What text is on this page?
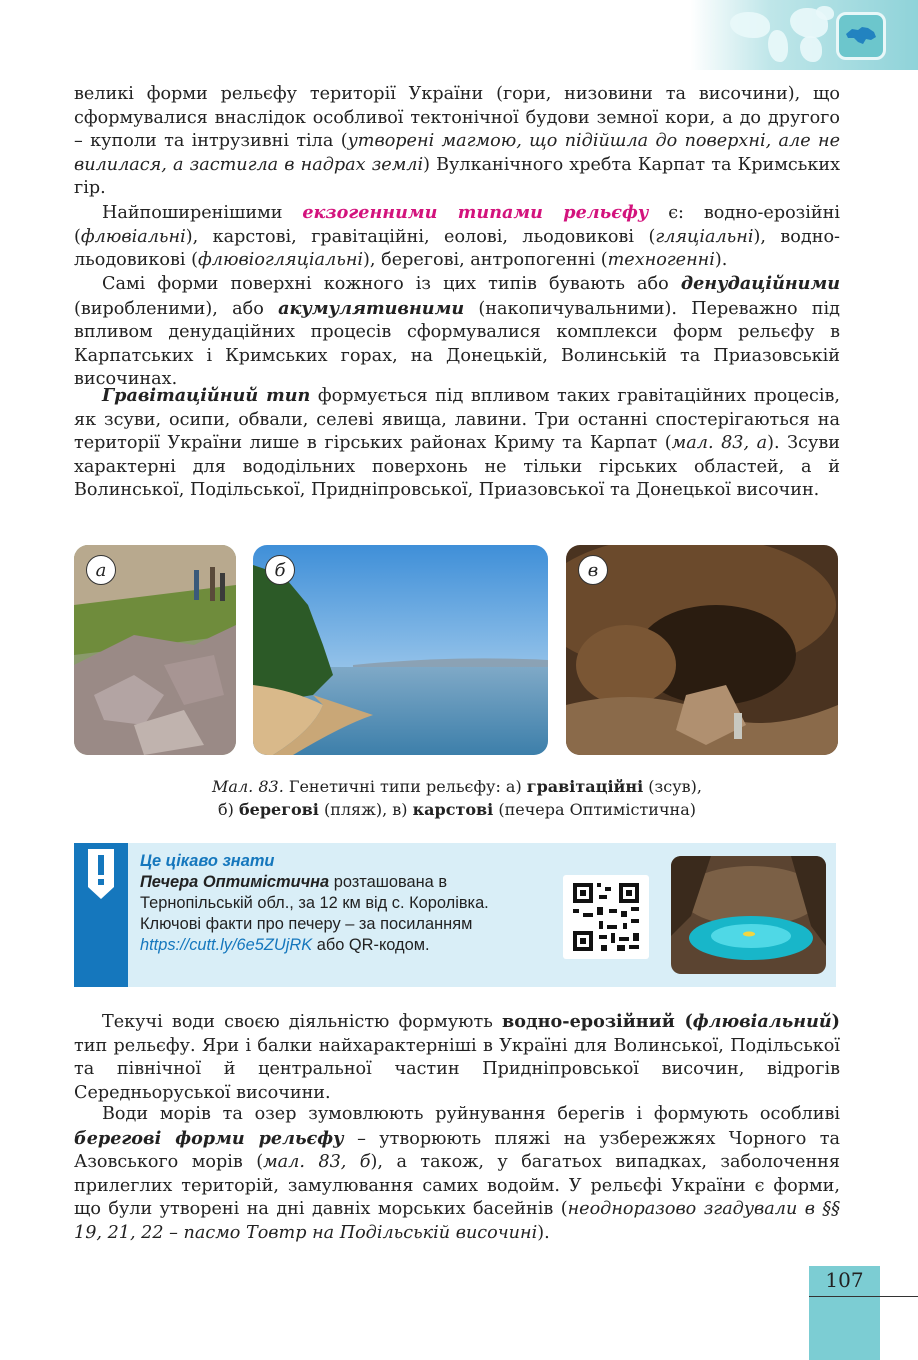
великі форми рельєфу території України (гори, низовини та височини), що сформувалися внаслідок особливої тектонічної будови земної кори, а до другого – куполи та інтрузивні тіла (утворені магмою, що підійшла до поверхні, але не вилилася, а застигла в надрах землі) Вулканічного хребта Карпат та Кримських гір.

Найпоширенішими екзогенними типами рельєфу є: водно-ерозійні (флювіальні), карстові, гравітаційні, еолові, льодовикові (гляціальні), водно-льодовикові (флювіогляціальні), берегові, антропогенні (техногенні).

Самі форми поверхні кожного із цих типів бувають або денудаційними (виробленими), або акумулятивними (накопичувальними). Переважно під впливом денудаційних процесів сформувалися комплекси форм рельєфу в Карпатських і Кримських горах, на Донецькій, Волинській та Приазовській височинах.

Гравітаційний тип формується під впливом таких гравітаційних процесів, як зсуви, осипи, обвали, селеві явища, лавини. Три останні спостерігаються на території України лише в гірських районах Криму та Карпат (мал. 83, а). Зсуви характерні для вододільних поверхонь не тільки гірських областей, а й Волинської, Подільської, Придніпровської, Приазовської та Донецької височин.

а	б	в
Мал. 83. Генетичні типи рельєфу: а) гравітаційні (зсув),
б) берегові (пляж), в) карстові (печера Оптимістична)
Це цікаво знати
Печера Оптимістична розташована в Тернопільській обл., за 12 км від с. Королівка. Ключові факти про печеру – за посиланням https://cutt.ly/6e5ZUjRK або QR-кодом.

Текучі води своєю діяльністю формують водно-ерозійний (флювіальний) тип рельєфу. Яри і балки найхарактерніші в Україні для Волинської, Подільської та північної й центральної частин Придніпровської височин, відрогів Середньоруської височини.

Води морів та озер зумовлюють руйнування берегів і формують особливі берегові форми рельєфу – утворюють пляжі на узбережжях Чорного та Азовського морів (мал. 83, б), а також, у багатьох випадках, заболочення прилеглих територій, замулювання самих водойм. У рельєфі України є форми, що були утворені на дні давніх морських басейнів (неодноразово згадували в §§ 19, 21, 22 – пасмо Товтр на Подільській височині).

107
